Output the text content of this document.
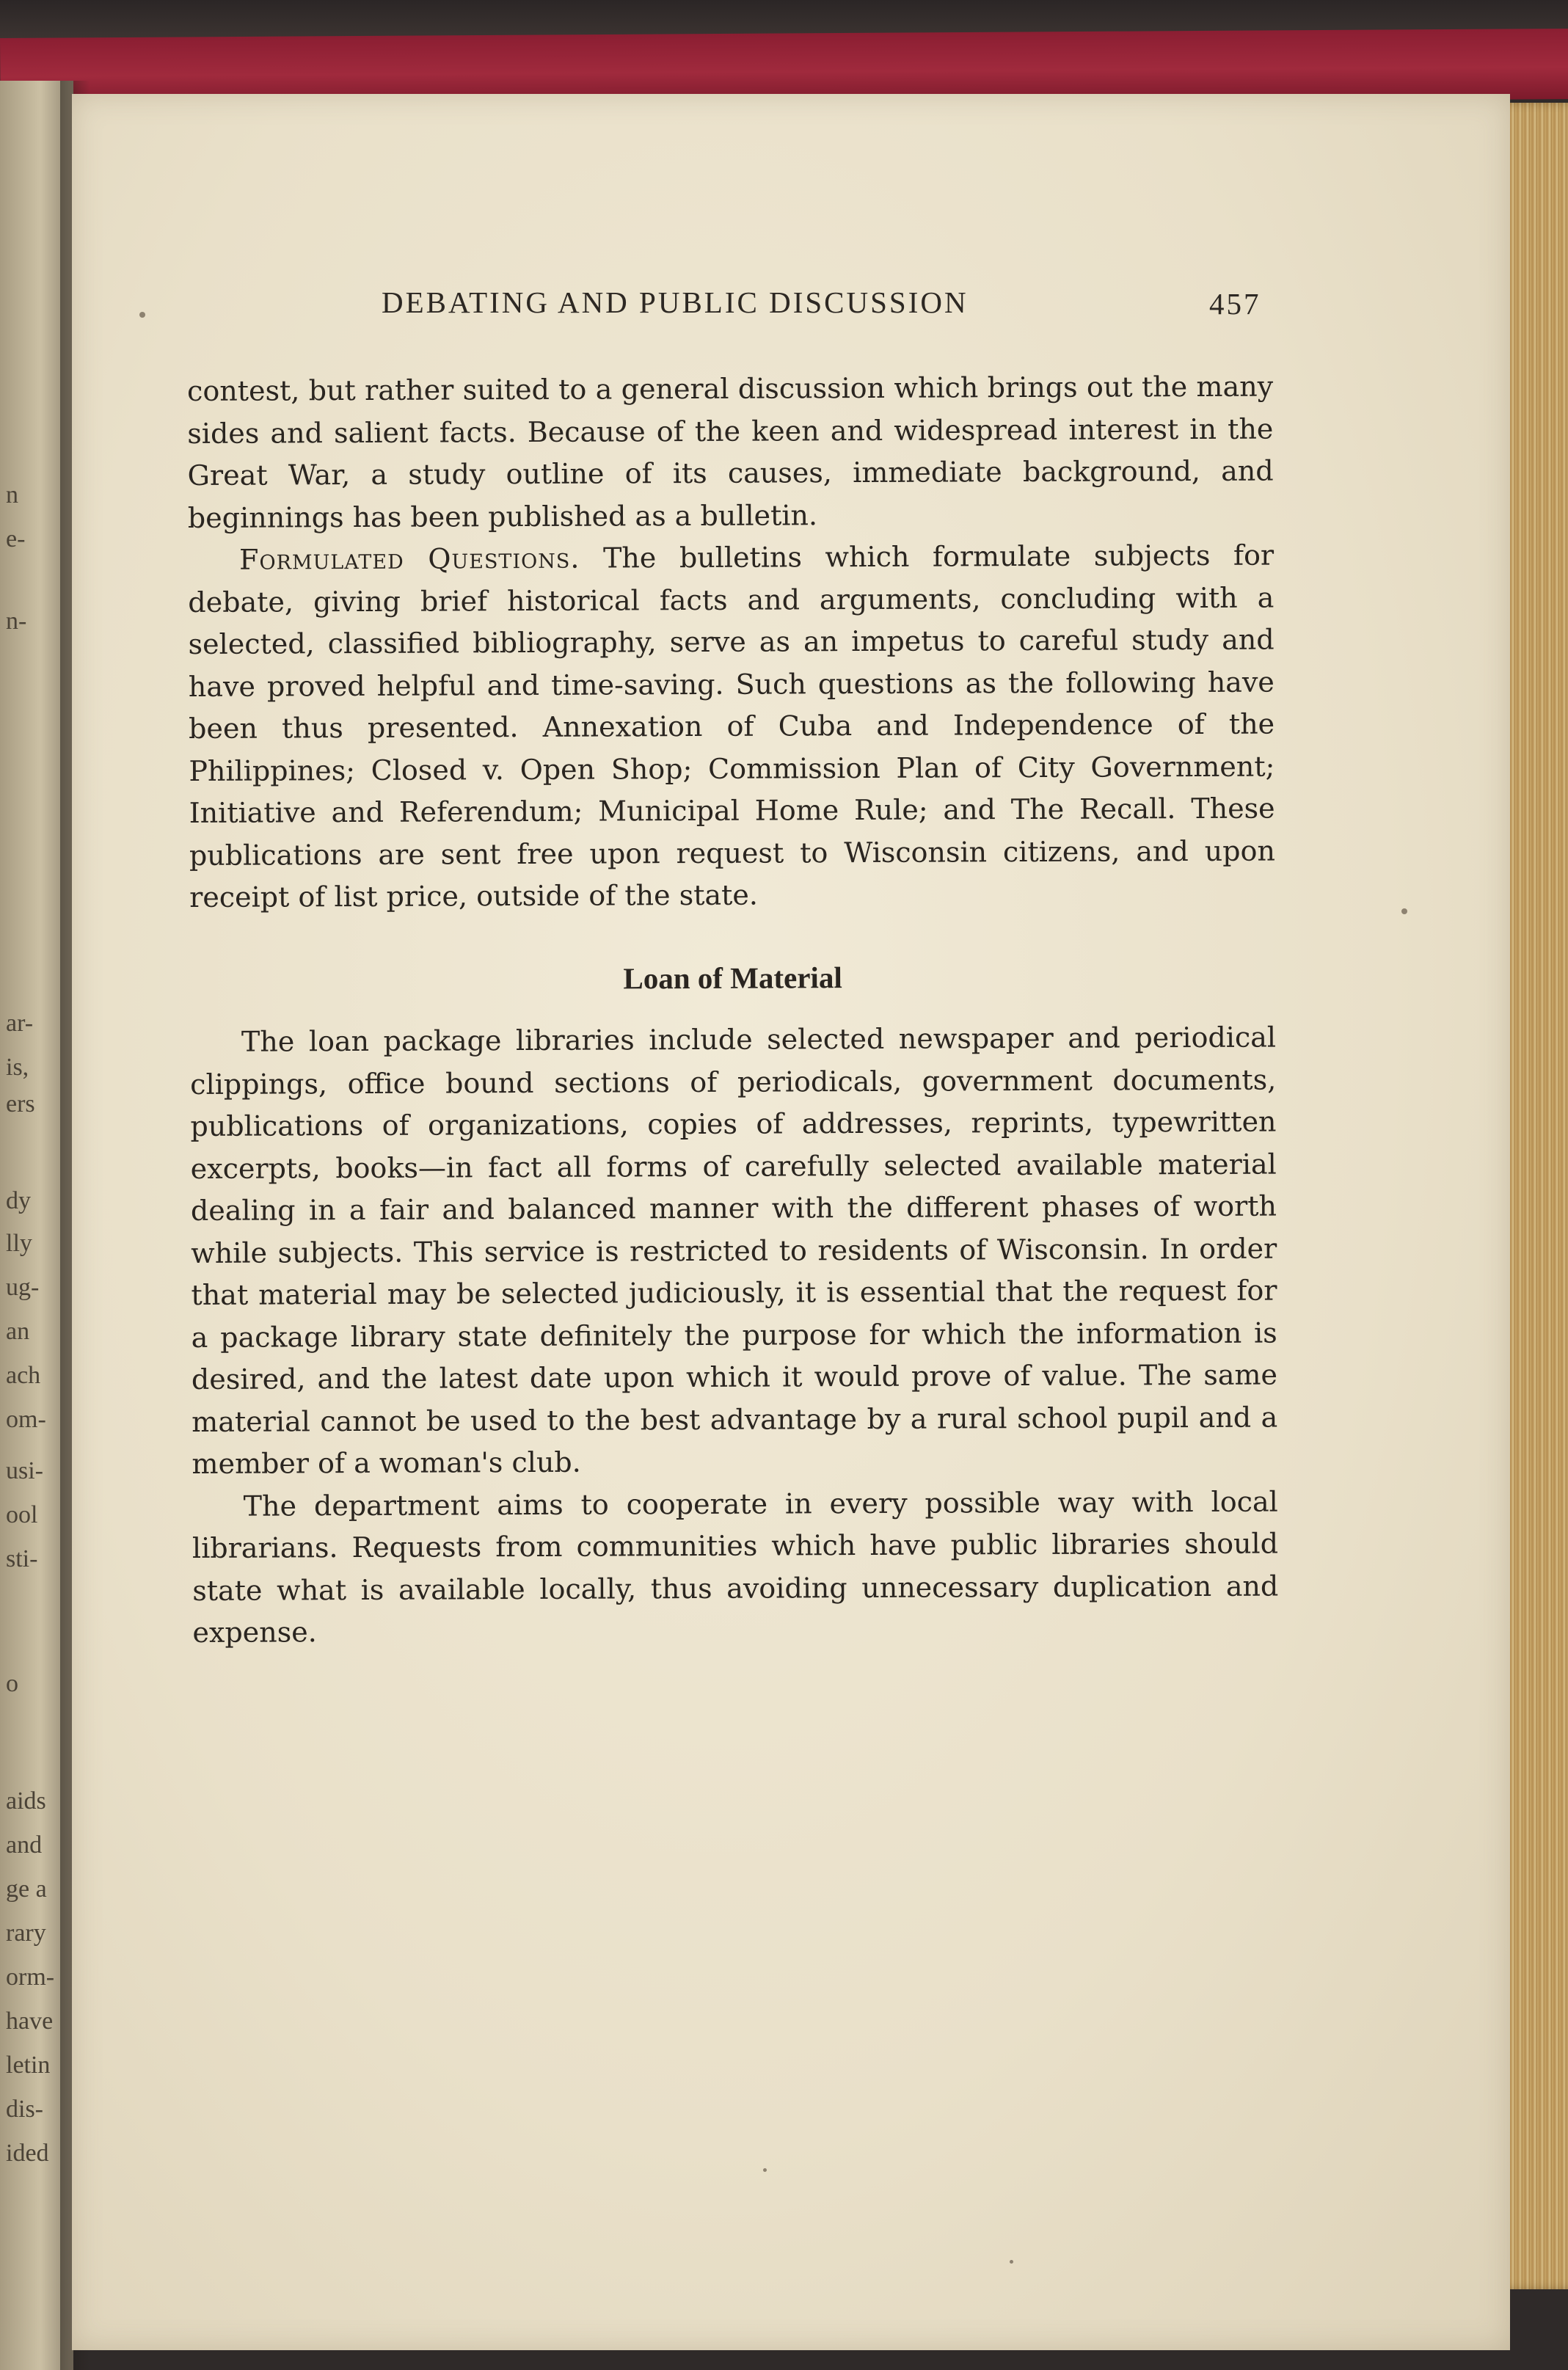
n
e-
n-
ar-
is,
ers
dy
lly
ug-
an
ach
om-
usi-
ool
sti-
o
aids
and
ge a
rary
orm-
have
letin
dis-
ided
DEBATING AND PUBLIC DISCUSSION	457

contest, but rather suited to a general discussion which brings out the many sides and salient facts. Because of the keen and widespread interest in the Great War, a study outline of its causes, immediate background, and beginnings has been published as a bulletin.

Formulated Questions. The bulletins which formulate subjects for debate, giving brief historical facts and arguments, concluding with a selected, classified bibliography, serve as an impetus to careful study and have proved helpful and time-saving. Such questions as the following have been thus presented. Annexation of Cuba and Independence of the Philippines; Closed v. Open Shop; Commission Plan of City Government; Initiative and Referendum; Municipal Home Rule; and The Recall. These publications are sent free upon request to Wisconsin citizens, and upon receipt of list price, outside of the state.

Loan of Material

The loan package libraries include selected newspaper and periodical clippings, office bound sections of periodicals, government documents, publications of organizations, copies of addresses, reprints, typewritten excerpts, books—in fact all forms of carefully selected available material dealing in a fair and balanced manner with the different phases of worth while subjects. This service is restricted to residents of Wisconsin. In order that material may be selected judiciously, it is essential that the request for a package library state definitely the purpose for which the information is desired, and the latest date upon which it would prove of value. The same material cannot be used to the best advantage by a rural school pupil and a member of a woman's club.

The department aims to cooperate in every possible way with local librarians. Requests from communities which have public libraries should state what is available locally, thus avoiding unnecessary duplication and expense.
